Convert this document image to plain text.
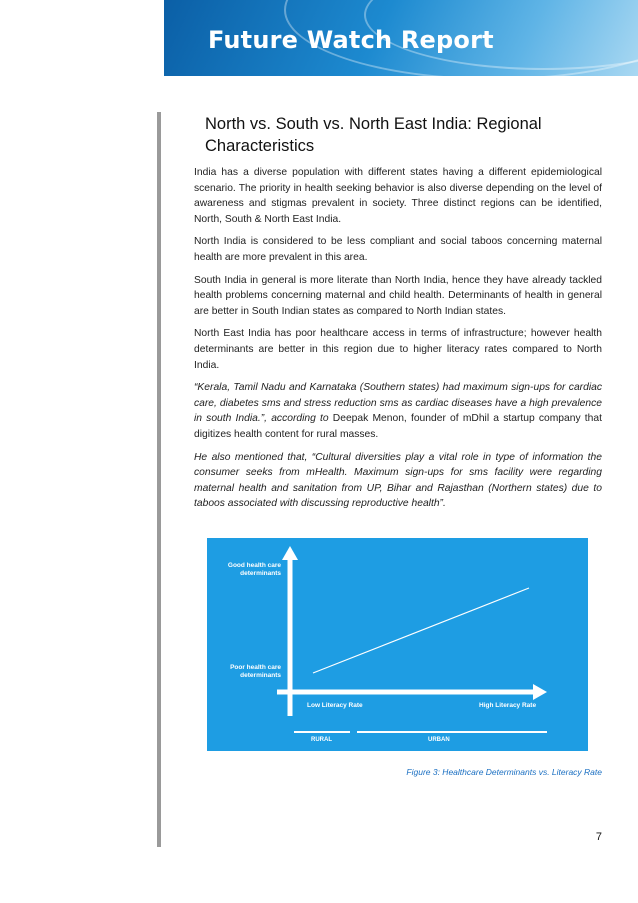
Future Watch Report
North vs. South vs. North East India: Regional Characteristics

India has a diverse population with different states having a different epidemiological scenario. The priority in health seeking behavior is also diverse depending on the level of awareness and stigmas prevalent in society. Three distinct regions can be identified, North, South & North East India.

North India is considered to be less compliant and social taboos concerning maternal health are more prevalent in this area.

South India in general is more literate than North India, hence they have already tackled health problems concerning maternal and child health. Determinants of health in general are better in South Indian states as compared to North Indian states.

North East India has poor healthcare access in terms of infrastructure; however health determinants are better in this region due to higher literacy rates compared to North India.

“Kerala, Tamil Nadu and Karnataka (Southern states) had maximum sign-ups for cardiac care, diabetes sms and stress reduction sms as cardiac diseases have a high prevalence in south India.”, according to Deepak Menon, founder of mDhil a startup company that digitizes health content for rural masses.

He also mentioned that, “Cultural diversities play a vital role in type of information the consumer seeks from mHealth. Maximum sign-ups for sms facility were regarding maternal health and sanitation from UP, Bihar and Rajasthan (Northern states) due to taboos associated with discussing reproductive health”.

Good health care determinants
Poor health care determinants
Low Literacy Rate	High Literacy Rate
RURAL	URBAN
Figure 3: Healthcare Determinants vs. Literacy Rate
7
